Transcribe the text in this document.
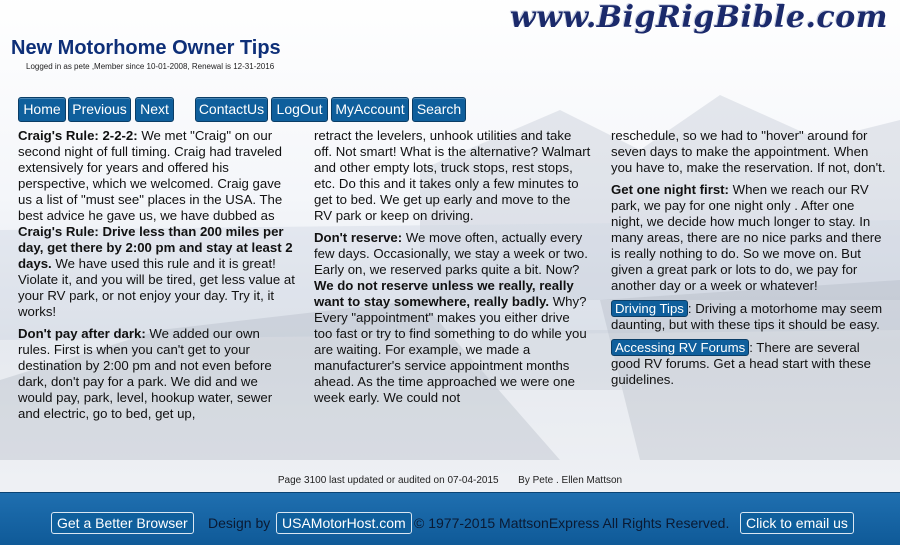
www.BigRigBible.com
New Motorhome Owner Tips
Logged in as pete ,Member since 10-01-2008, Renewal is 12-31-2016
Home Previous Next	ContactUs LogOut MyAccount Search

Craig's Rule: 2-2-2: We met "Craig" on our second night of full timing. Craig had traveled extensively for years and offered his perspective, which we welcomed. Craig gave us a list of "must see" places in the USA. The best advice he gave us, we have dubbed as Craig's Rule: Drive less than 200 miles per day, get there by 2:00 pm and stay at least 2 days. We have used this rule and it is great! Violate it, and you will be tired, get less value at your RV park, or not enjoy your day. Try it, it works!

Don't pay after dark: We added our own rules. First is when you can't get to your destination by 2:00 pm and not even before dark, don't pay for a park. We did and we would pay, park, level, hookup water, sewer and electric, go to bed, get up,

retract the levelers, unhook utilities and take off. Not smart! What is the alternative? Walmart and other empty lots, truck stops, rest stops, etc. Do this and it takes only a few minutes to get to bed. We get up early and move to the RV park or keep on driving.

Don't reserve: We move often, actually every few days. Occasionally, we stay a week or two. Early on, we reserved parks quite a bit. Now? We do not reserve unless we really, really want to stay somewhere, really badly. Why? Every "appointment" makes you either drive too fast or try to find something to do while you are waiting. For example, we made a manufacturer's service appointment months ahead. As the time approached we were one week early. We could not

reschedule, so we had to "hover" around for seven days to make the appointment. When you have to, make the reservation. If not, don't.

Get one night first: When we reach our RV park, we pay for one night only . After one night, we decide how much longer to stay. In many areas, there are no nice parks and there is really nothing to do. So we move on. But given a great park or lots to do, we pay for another day or a week or whatever!

Driving Tips : Driving a motorhome may seem daunting, but with these tips it should be easy.

Accessing RV Forums : There are several good RV forums. Get a head start with these guidelines.

Page 3100 last updated or audited on 07-04-2015 By Pete . Ellen Mattson
Get a Better Browser	Design by USAMotorHost.com © 1977-2015 MattsonExpress All Rights Reserved.	Click to email us
